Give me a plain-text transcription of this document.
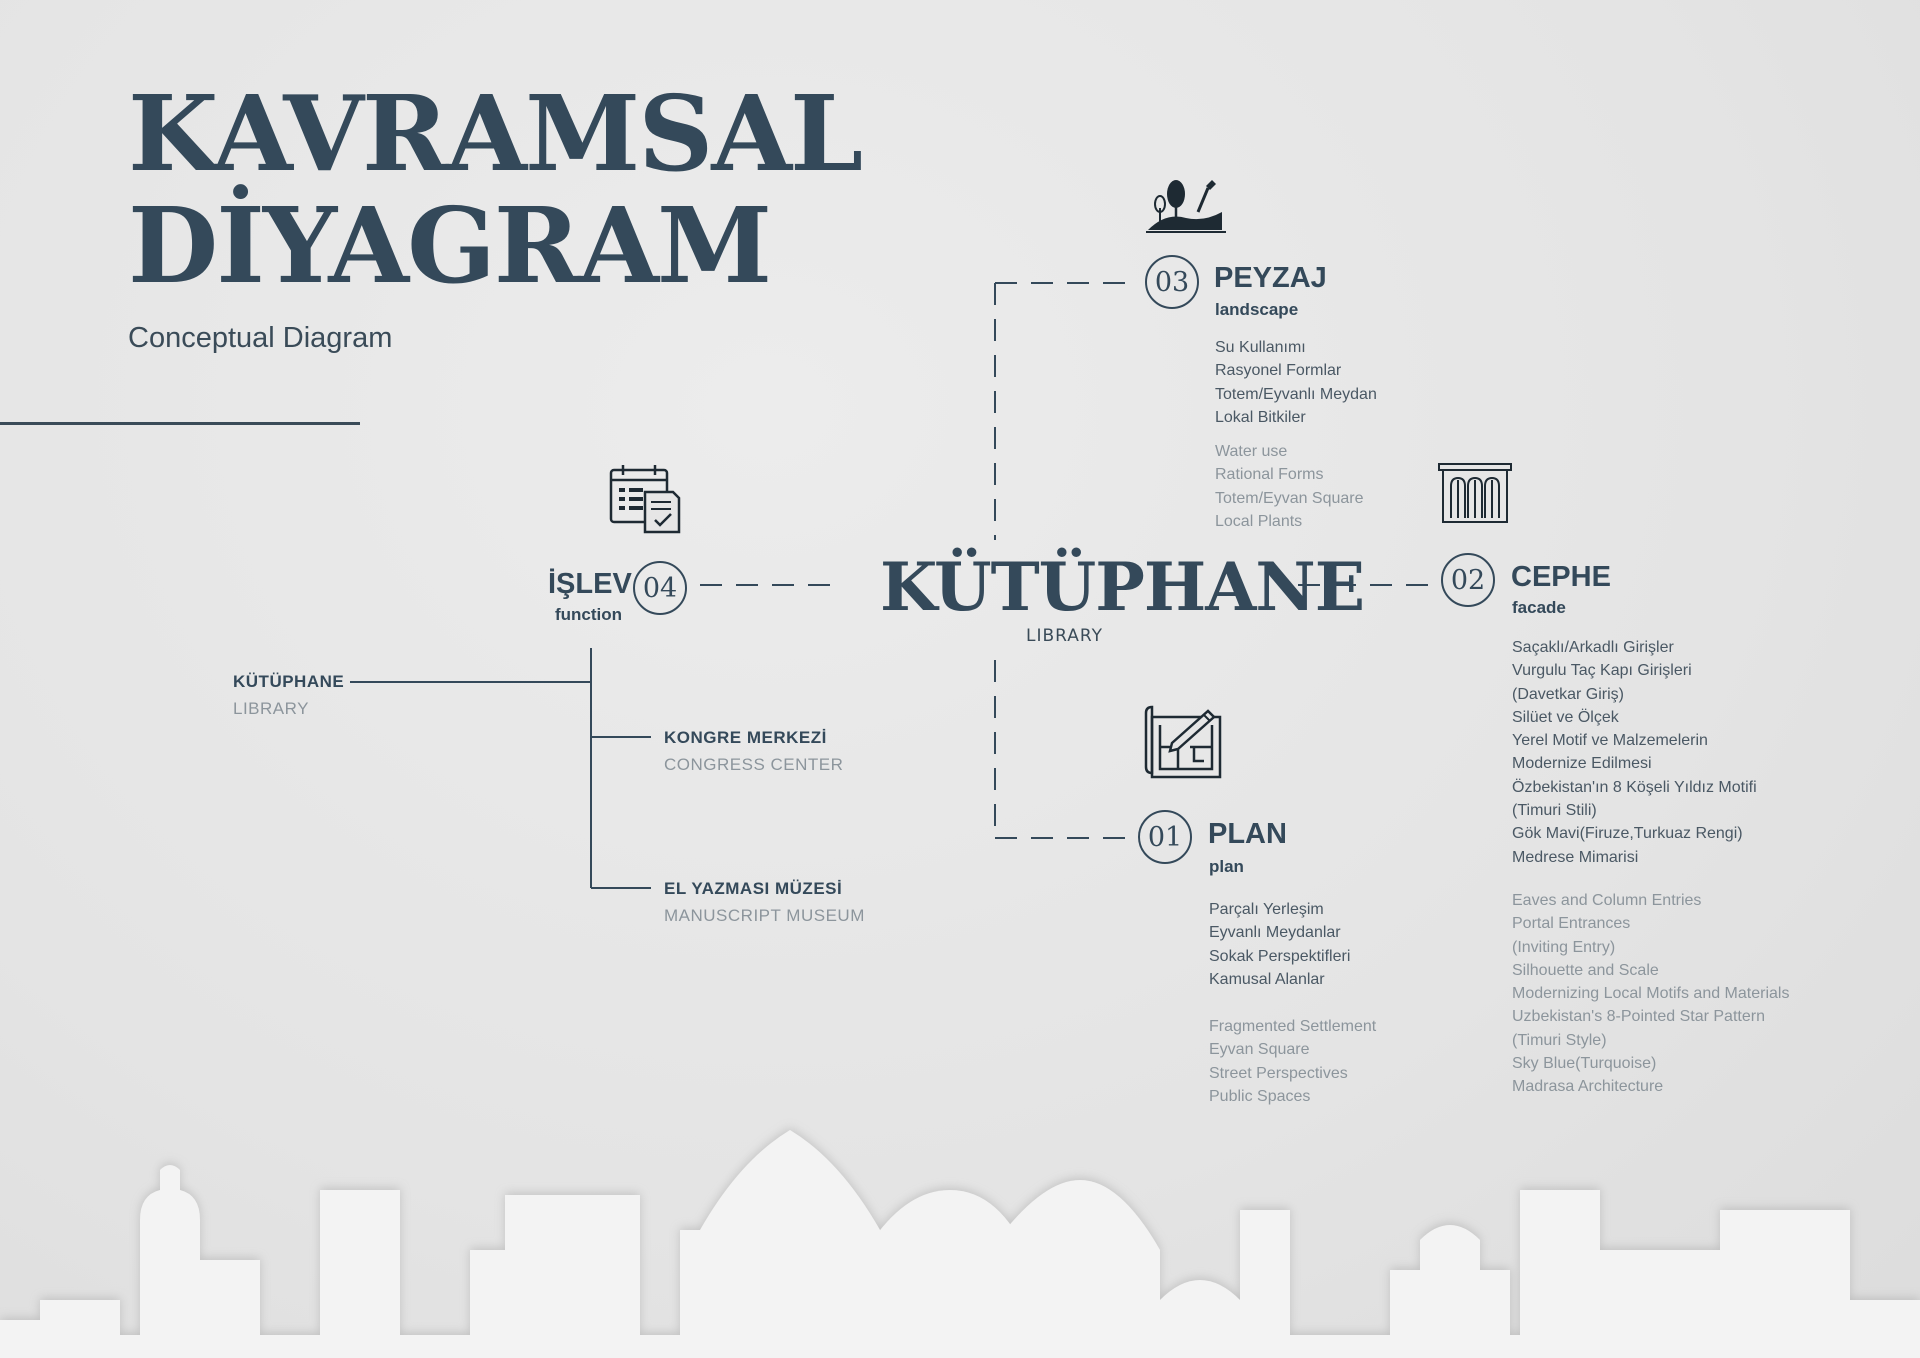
KAVRAMSAL
DİYAGRAM
Conceptual Diagram
KÜTÜPHANE
LIBRARY
03 PEYZAJ
landscape
Su Kullanımı
Rasyonel Formlar
Totem/Eyvanlı Meydan
Lokal Bitkiler
Water use
Rational Forms
Totem/Eyvan Square
Local Plants
02 CEPHE
facade
Saçaklı/Arkadlı Girişler
Vurgulu Taç Kapı Girişleri
(Davetkar Giriş)
Silüet ve Ölçek
Yerel Motif ve Malzemelerin
Modernize Edilmesi
Özbekistan'ın 8 Köşeli Yıldız Motifi
(Timuri Stili)
Gök Mavi(Firuze,Turkuaz Rengi)
Medrese Mimarisi
Eaves and Column Entries
Portal Entrances
(Inviting Entry)
Silhouette and Scale
Modernizing Local Motifs and Materials
Uzbekistan's 8-Pointed Star Pattern
(Timuri Style)
Sky Blue(Turquoise)
Madrasa Architecture
01 PLAN
plan
Parçalı Yerleşim
Eyvanlı Meydanlar
Sokak Perspektifleri
Kamusal Alanlar
Fragmented Settlement
Eyvan Square
Street Perspectives
Public Spaces
İŞLEV 04
function
KÜTÜPHANE
LIBRARY
KONGRE MERKEZİ
CONGRESS CENTER
EL YAZMASI MÜZESİ
MANUSCRIPT MUSEUM
